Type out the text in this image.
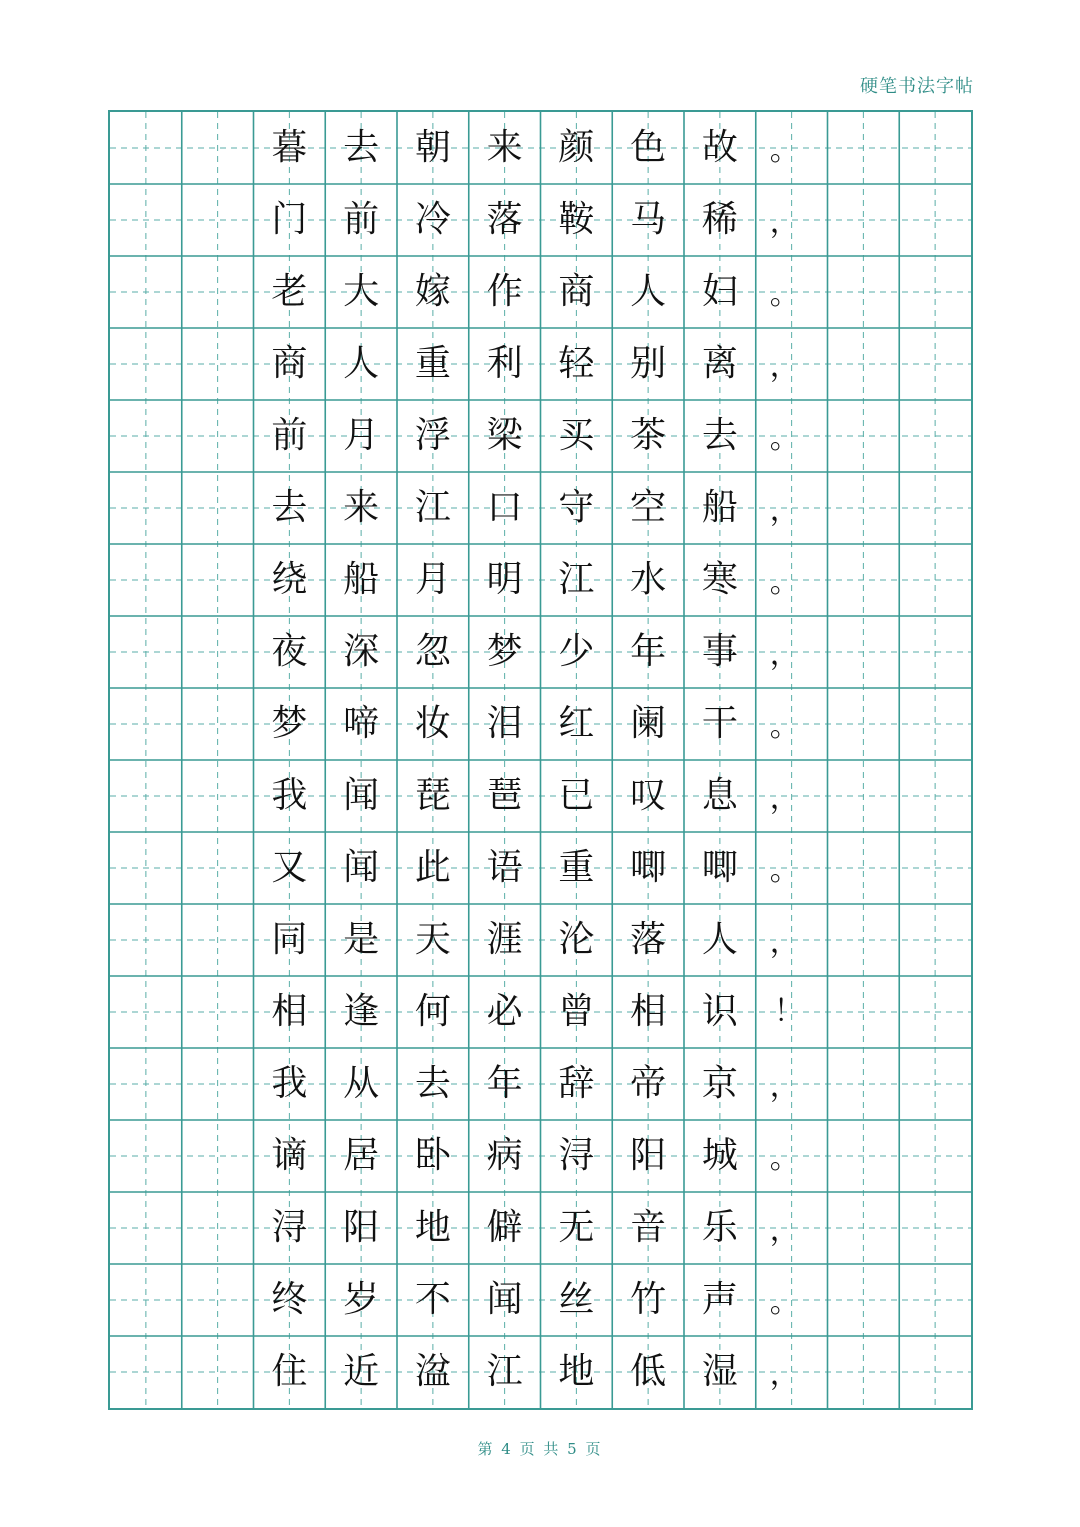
硬笔书法字帖
暮 去 朝 来 颜 色 故	。
门 前 冷 落 鞍 马 稀	，
老 大 嫁 作 商 人 妇	。
商 人 重 利 轻 别 离	，
前 月 浮 梁 买 茶 去	。
去 来 江 口 守 空 船	，
绕 船 月 明 江 水 寒	。
夜 深 忽 梦 少 年 事	，
梦 啼 妆 泪 红 阑 干	。
我 闻 琵 琶 已 叹 息	，
又 闻 此 语 重 唧 唧	。
同 是 天 涯 沦 落 人	，
相 逢 何 必 曾 相 识	！
我 从 去 年 辞 帝 京	，
谪 居 卧 病 浔 阳 城	。
浔 阳 地 僻 无 音 乐	，
终 岁 不 闻 丝 竹 声	。
住 近 湓 江 地 低 湿	，
第 4 页 共 5 页
